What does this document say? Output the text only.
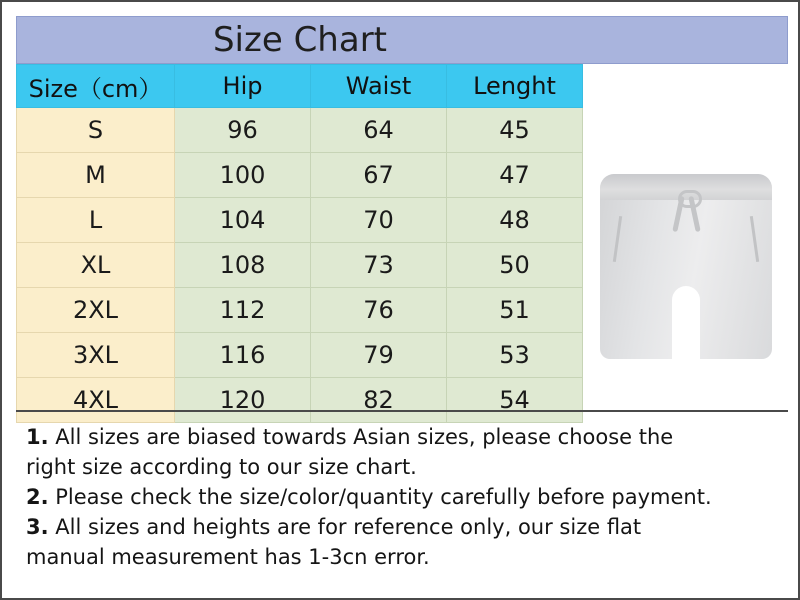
Size Chart
Size（cm）	Hip	Waist	Lenght
S	96	64	45
M	100	67	47
L	104	70	48
XL	108	73	50
2XL	112	76	51
3XL	116	79	53
4XL	120	82	54
1. All sizes are biased towards Asian sizes, please choose the
right size according to our size chart.
2. Please check the size/color/quantity carefully before payment.
3. All sizes and heights are for reference only, our size flat
manual measurement has 1-3cn error.
